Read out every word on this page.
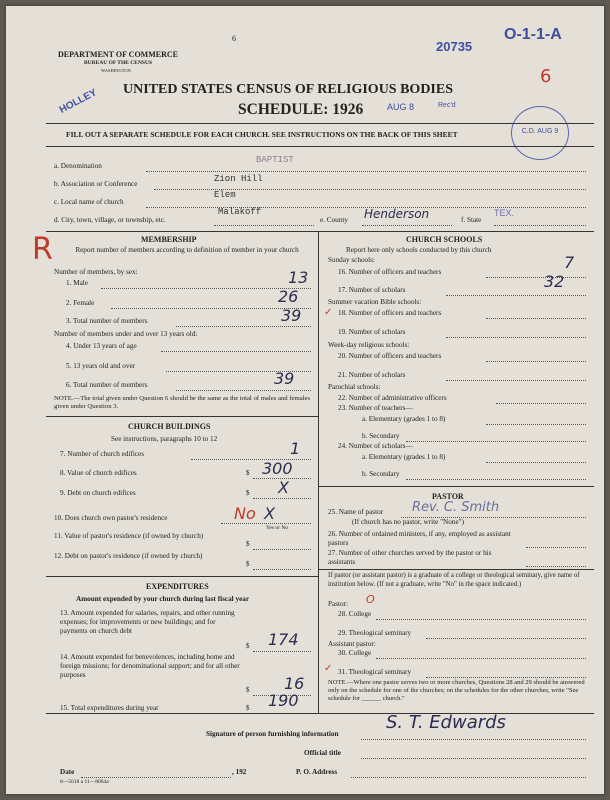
DEPARTMENT OF COMMERCE
BUREAU OF THE CENSUS
WASHINGTON
6
UNITED STATES CENSUS OF RELIGIOUS BODIES
SCHEDULE: 1926	AUG 8	Rec'd
20735
O-1-1-A
6
HOLLEY
C.D. AUG 9
FILL OUT A SEPARATE SCHEDULE FOR EACH CHURCH. SEE INSTRUCTIONS ON THE BACK OF THIS SHEET
a. Denomination
BAPTIST
b. Association or Conference	Zion Hill
c. Local name of church
Elem
d. City, town, village, or township, etc.
Malakoff
e. County Henderson	f. State
TEX.
R	MEMBERSHIP
Report number of members according to definition of member in your church
Number of members, by sex:
1. Male	13
2. Female	26
3. Total number of members	39
Number of members under and over 13 years old:
4. Under 13 years of age
5. 13 years old and over
6. Total number of members	39
NOTE.—The total given under Question 6 should be the same as the total of males and females given under Question 3.
CHURCH BUILDINGS
See instructions, paragraphs 10 to 12
7. Number of church edifices	1
8. Value of church edifices	$ 300
9. Debt on church edifices	$ X
10. Does church own pastor's residence	No X
Yes or No
11. Value of pastor's residence (if owned by church)
$
12. Debt on pastor's residence (if owned by church)
$
EXPENDITURES
Amount expended by your church during last fiscal year
13. Amount expended for salaries, repairs, and other running expenses; for improvements or new buildings; and for payments on church debt
$ 174
14. Amount expended for benevolences, including home and foreign missions; for denominational support; and for all other purposes
$ 16
15. Total expenditures during year	$ 190
CHURCH SCHOOLS
Report here only schools conducted by this church
Sunday schools:
16. Number of officers and teachers	7
17. Number of scholars	32
Summer vacation Bible schools:
✓ 18. Number of officers and teachers
19. Number of scholars
Week-day religious schools:
20. Number of officers and teachers
21. Number of scholars
Parochial schools:
22. Number of administrative officers
23. Number of teachers—
a. Elementary (grades 1 to 8)
b. Secondary
24. Number of scholars—
a. Elementary (grades 1 to 8)
b. Secondary
PASTOR
25. Name of pastor Rev. C. Smith
(If church has no pastor, write "None")
26. Number of ordained ministers, if any, employed as assistant pastors
27. Number of other churches served by the pastor or his assistants
If pastor (or assistant pastor) is a graduate of a college or theological seminary, give name of institution below. (If not a graduate, write "No" in the space indicated.)
Pastor: O
28. College
29. Theological seminary
Assistant pastor:
30. College
✓ 31. Theological seminary
NOTE.—Where one pastor serves two or more churches, Questions 28 and 29 should be answered only on the schedule for one of the churches; on the schedules for the other churches, write "See schedule for ______ church."
Signature of person furnishing information
S. T. Edwards
Official title
Date	, 192	P. O. Address
8—5618 a 11—8064a
